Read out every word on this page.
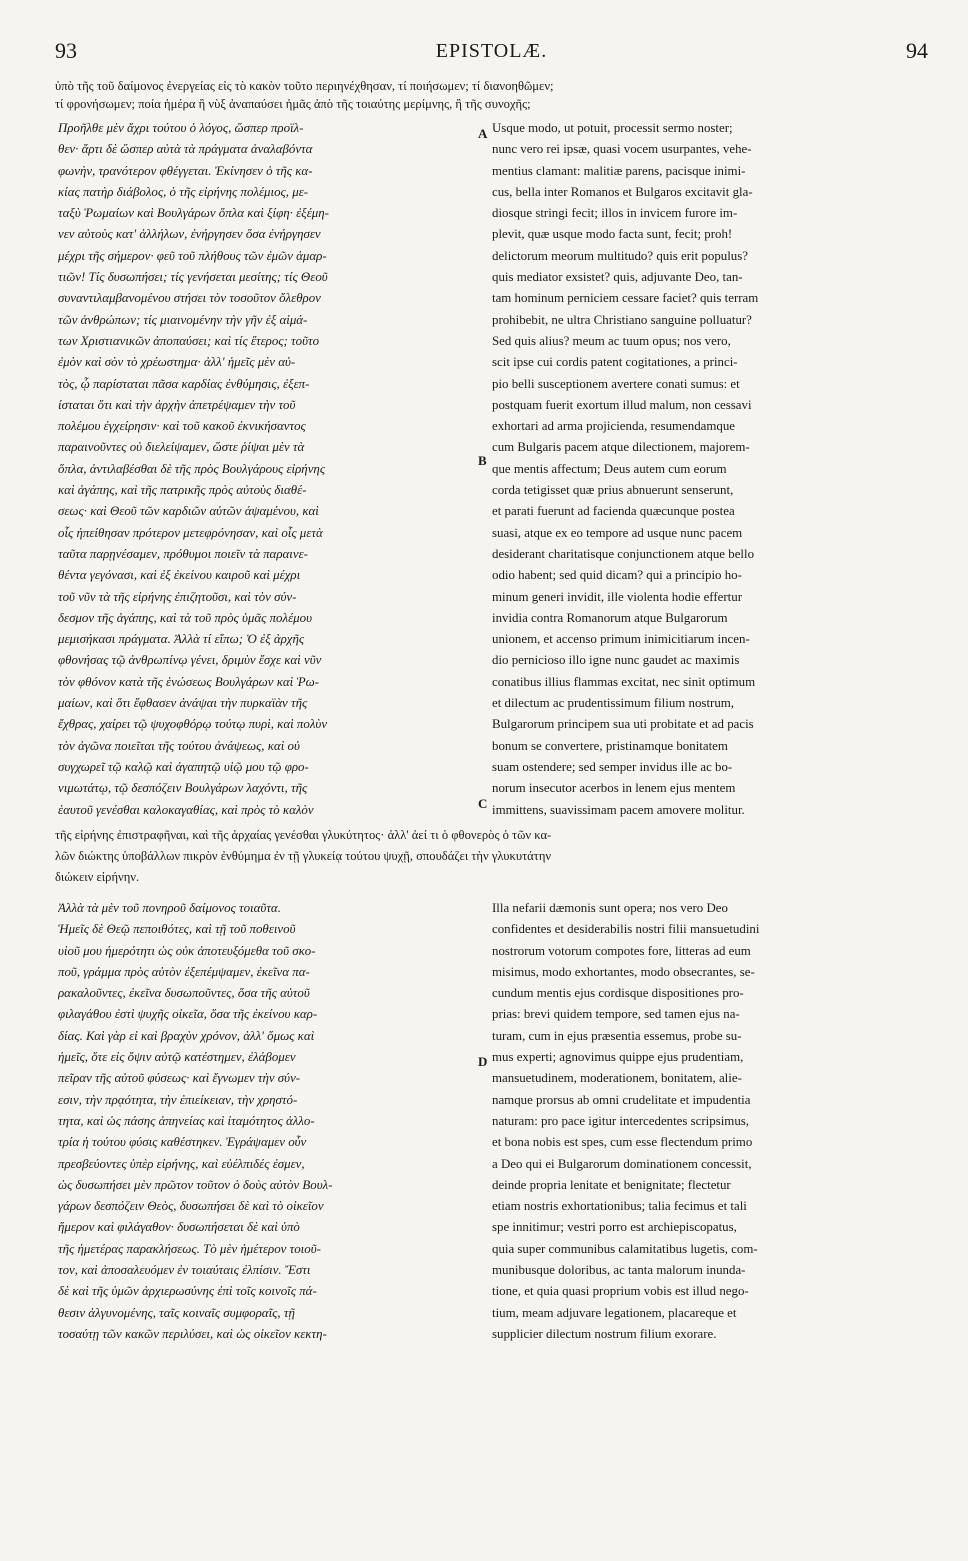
93	EPISTOLÆ.	94
ὑπὸ τῆς τοῦ δαίμονος ἐνεργείας εἰς τὸ κακὸν τοῦτο περιηνέχθησαν, τί ποιήσωμεν; τί διανοηθῶμεν;
τί φρονήσωμεν; ποία ἡμέρα ἢ νὺξ ἀναπαύσει ἡμᾶς ἀπὸ τῆς τοιαύτης μερίμνης, ἢ τῆς συνοχῆς;
Προῆλθε μὲν ἄχρι τούτου ὁ λόγος, ὥσπερ προϊλ-
θεν· ἄρτι δὲ ὥσπερ αὐτὰ τὰ πράγματα ἀναλαβόντα
φωνὴν, τρανότερον φθέγγεται. Ἐκίνησεν ὁ τῆς κα-
κίας πατὴρ διάβολος, ὁ τῆς εἰρήνης πολέμιος, με-
ταξὺ Ῥωμαίων καὶ Βουλγάρων ὅπλα καὶ ξίφη· ἐξέμη-
νεν αὐτοὺς κατ' ἀλλήλων, ἐνήργησεν ὅσα ἐνήργησεν
μέχρι τῆς σήμερον· φεῦ τοῦ πλήθους τῶν ἐμῶν ἁμαρ-
τιῶν! Τίς δυσωπήσει; τίς γενήσεται μεσίτης; τίς Θεοῦ
συναντιλαμβανομένου στήσει τὸν τοσοῦτον ὄλεθρον
τῶν ἀνθρώπων; τίς μιαινομένην τὴν γῆν ἐξ αἱμά-
των Χριστιανικῶν ἀποπαύσει; καὶ τίς ἕτερος; τοῦτο
ἐμὸν καὶ σὸν τὸ χρέωστημα· ἀλλ' ἡμεῖς μὲν αὐ-
τὸς, ᾧ παρίσταται πᾶσα καρδίας ἐνθύμησις, ἐξεπ-
ίσταται ὅτι καὶ τὴν ἀρχὴν ἀπετρέψαμεν τὴν τοῦ
πολέμου ἐγχείρησιν· καὶ τοῦ κακοῦ ἐκνικήσαντος
παραινοῦντες οὐ διελείψαμεν, ὥστε ῥίψαι μὲν τὰ
ὅπλα, ἀντιλαβέσθαι δὲ τῆς πρὸς Βουλγάρους εἰρήνης
καὶ ἀγάπης, καὶ τῆς πατρικῆς πρὸς αὐτοὺς διαθέ-
σεως· καὶ Θεοῦ τῶν καρδιῶν αὐτῶν ἁψαμένου, καὶ
οἷς ἠπείθησαν πρότερον μετεφρόνησαν, καὶ οἷς μετὰ
ταῦτα παρῃνέσαμεν, πρόθυμοι ποιεῖν τὰ παραινε-
θέντα γεγόνασι, καὶ ἐξ ἐκείνου καιροῦ καὶ μέχρι
τοῦ νῦν τὰ τῆς εἰρήνης ἐπιζητοῦσι, καὶ τὸν σύν-
δεσμον τῆς ἀγάπης, καὶ τὰ τοῦ πρὸς ὑμᾶς πολέμου
μεμισήκασι πράγματα. Ἀλλὰ τί εἴπω; Ὁ ἐξ ἀρχῆς
φθονήσας τῷ ἀνθρωπίνῳ γένει, δριμὺν ἔσχε καὶ νῦν
τὸν φθόνον κατὰ τῆς ἑνώσεως Βουλγάρων καὶ Ῥω-
μαίων, καὶ ὅτι ἔφθασεν ἀνάψαι τὴν πυρκαϊὰν τῆς
ἔχθρας, χαίρει τῷ ψυχοφθόρῳ τούτῳ πυρὶ, καὶ πολὺν
τὸν ἀγῶνα ποιεῖται τῆς τούτου ἀνάψεως, καὶ οὐ
συγχωρεῖ τῷ καλῷ καὶ ἀγαπητῷ υἱῷ μου τῷ φρο-
νιμωτάτῳ, τῷ δεσπόζειν Βουλγάρων λαχόντι, τῆς
ἑαυτοῦ γενέσθαι καλοκαγαθίας, καὶ πρὸς τὸ καλὸν
Usque modo, ut potuit, processit sermo noster;
nunc vero rei ipsæ, quasi vocem usurpantes, vehe-
mentius clamant: malitiæ parens, pacisque inimi-
cus, bella inter Romanos et Bulgaros excitavit gla-
diosque stringi fecit; illos in invicem furore im-
plevit, quæ usque modo facta sunt, fecit; proh!
delictorum meorum multitudo? quis erit populus?
quis mediator exsistet? quis, adjuvante Deo, tan-
tam hominum perniciem cessare faciet? quis terram
prohibebit, ne ultra Christiano sanguine polluatur?
Sed quis alius? meum ac tuum opus; nos vero,
scit ipse cui cordis patent cogitationes, a princi-
pio belli susceptionem avertere conati sumus: et
postquam fuerit exortum illud malum, non cessavi
exhortari ad arma projicienda, resumendamque
cum Bulgaris pacem atque dilectionem, majorem-
que mentis affectum; Deus autem cum eorum
corda tetigisset quæ prius abnuerunt senserunt,
et parati fuerunt ad facienda quæcunque postea
suasi, atque ex eo tempore ad usque nunc pacem
desiderant charitatisque conjunctionem atque bello
odio habent; sed quid dicam? qui a principio ho-
minum generi invidit, ille violenta hodie effertur
invidia contra Romanorum atque Bulgarorum
unionem, et accenso primum inimicitiarum incen-
dio pernicioso illo igne nunc gaudet ac maximis
conatibus illius flammas excitat, nec sinit optimum
et dilectum ac prudentissimum filium nostrum,
Bulgarorum principem sua uti probitate et ad pacis
bonum se convertere, pristinamque bonitatem
suam ostendere; sed semper invidus ille ac bo-
norum insecutor acerbos in lenem ejus mentem
immittens, suavissimam pacem amovere molitur.
A
B
C
D
τῆς εἰρήνης ἐπιστραφῆναι, καὶ τῆς ἀρχαίας γενέσθαι γλυκύτητος· ἀλλ' ἀεί τι ὁ φθονερὸς ὁ τῶν κα-
λῶν διώκτης ὑποβάλλων πικρὸν ἐνθύμημα ἐν τῇ γλυκείᾳ τούτου ψυχῇ, σπουδάζει τὴν γλυκυτάτην
διώκειν εἰρήνην.
Ἀλλὰ τὰ μὲν τοῦ πονηροῦ δαίμονος τοιαῦτα.
Ἡμεῖς δὲ Θεῷ πεποιθότες, καὶ τῇ τοῦ ποθεινοῦ
υἱοῦ μου ἡμερότητι ὡς οὐκ ἀποτευξόμεθα τοῦ σκο-
ποῦ, γράμμα πρὸς αὐτὸν ἐξεπέμψαμεν, ἐκεῖνα πα-
ρακαλοῦντες, ἐκεῖνα δυσωποῦντες, ὅσα τῆς αὐτοῦ
φιλαγάθου ἐστὶ ψυχῆς οἰκεῖα, ὅσα τῆς ἐκείνου καρ-
δίας. Καὶ γὰρ εἰ καὶ βραχὺν χρόνον, ἀλλ' ὅμως καὶ
ἡμεῖς, ὅτε εἰς ὄψιν αὐτῷ κατέστημεν, ἐλάβομεν
πεῖραν τῆς αὐτοῦ φύσεως· καὶ ἔγνωμεν τὴν σύν-
εσιν, τὴν πρᾳότητα, τὴν ἐπιείκειαν, τὴν χρηστό-
τητα, καὶ ὡς πάσης ἀπηνείας καὶ ἰταμότητος ἀλλο-
τρία ἡ τούτου φύσις καθέστηκεν. Ἐγράψαμεν οὖν
πρεσβεύοντες ὑπὲρ εἰρήνης, καὶ εὐέλπιδές ἐσμεν,
ὡς δυσωπήσει μὲν πρῶτον τοῦτον ὁ δοὺς αὐτὸν Βουλ-
γάρων δεσπόζειν Θεὸς, δυσωπήσει δὲ καὶ τὸ οἰκεῖον
ἥμερον καὶ φιλάγαθον· δυσωπήσεται δὲ καὶ ὑπὸ
τῆς ἡμετέρας παρακλήσεως. Τὸ μὲν ἡμέτερον τοιοῦ-
τον, καὶ ἀποσαλευόμεν ἐν τοιαύταις ἐλπίσιν. Ἔστι
δὲ καὶ τῆς ὑμῶν ἀρχιερωσύνης ἐπὶ τοῖς κοινοῖς πά-
θεσιν ἀλγυνομένης, ταῖς κοιναῖς συμφοραῖς, τῇ
τοσαύτῃ τῶν κακῶν περιλύσει, καὶ ὡς οἰκεῖον κεκτη-
Illa nefarii dæmonis sunt opera; nos vero Deo
confidentes et desiderabilis nostri filii mansuetudini
nostrorum votorum compotes fore, litteras ad eum
misimus, modo exhortantes, modo obsecrantes, se-
cundum mentis ejus cordisque dispositiones pro-
prias: brevi quidem tempore, sed tamen ejus na-
turam, cum in ejus præsentia essemus, probe su-
mus experti; agnovimus quippe ejus prudentiam,
mansuetudinem, moderationem, bonitatem, alie-
namque prorsus ab omni crudelitate et impudentia
naturam: pro pace igitur intercedentes scripsimus,
et bona nobis est spes, cum esse flectendum primo
a Deo qui ei Bulgarorum dominationem concessit,
deinde propria lenitate et benignitate; flectetur
etiam nostris exhortationibus; talia fecimus et tali
spe innitimur; vestri porro est archiepiscopatus,
quia super communibus calamitatibus lugetis, com-
munibusque doloribus, ac tanta malorum inunda-
tione, et quia quasi proprium vobis est illud nego-
tium, meam adjuvare legationem, placareque et
supplicier dilectum nostrum filium exorare.
